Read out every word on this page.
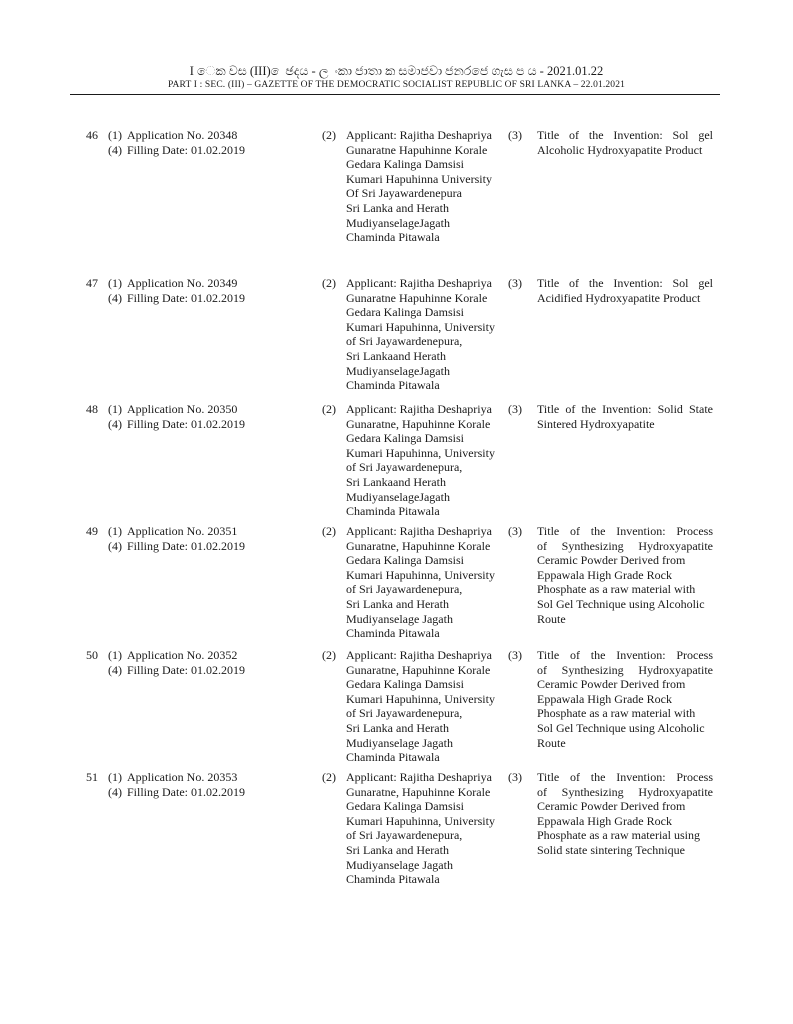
I ෙක වස (III) ෙඡදය - ල ංකා ජාතා ක සමාජවා ජනරජෙ ගැස ප ය - 2021.01.22
PART I : SEC. (III) – GAZETTE OF THE DEMOCRATIC SOCIALIST REPUBLIC OF SRI LANKA – 22.01.2021
46 (1) Application No. 20348
(4) Filling Date: 01.02.2019
(2) Applicant: Rajitha Deshapriya
Gunaratne Hapuhinne Korale
Gedara Kalinga Damsisi
Kumari Hapuhinna University
Of Sri Jayawardenepura
Sri Lanka and Herath
MudiyanselageJagath
Chaminda Pitawala
(3)	Title of the Invention: Sol gel
Alcoholic Hydroxyapatite Product
47 (1) Application No. 20349
(4) Filling Date: 01.02.2019
(2) Applicant: Rajitha Deshapriya
Gunaratne Hapuhinne Korale
Gedara Kalinga Damsisi
Kumari Hapuhinna, University
of Sri Jayawardenepura,
Sri Lankaand Herath
MudiyanselageJagath
Chaminda Pitawala
(3)	Title of the Invention: Sol gel
Acidified Hydroxyapatite Product
48 (1) Application No. 20350
(4) Filling Date: 01.02.2019
(2) Applicant: Rajitha Deshapriya
Gunaratne, Hapuhinne Korale
Gedara Kalinga Damsisi
Kumari Hapuhinna, University
of Sri Jayawardenepura,
Sri Lankaand Herath
MudiyanselageJagath
Chaminda Pitawala
(3)	Title of the Invention: Solid State
Sintered Hydroxyapatite
49 (1) Application No. 20351
(4) Filling Date: 01.02.2019
(2) Applicant: Rajitha Deshapriya
Gunaratne, Hapuhinne Korale
Gedara Kalinga Damsisi
Kumari Hapuhinna, University
of Sri Jayawardenepura,
Sri Lanka and Herath
Mudiyanselage Jagath
Chaminda Pitawala
(3)	Title of the Invention: Process
of Synthesizing Hydroxyapatite
Ceramic Powder Derived from
Eppawala High Grade Rock
Phosphate as a raw material with
Sol Gel Technique using Alcoholic
Route
50 (1) Application No. 20352
(4) Filling Date: 01.02.2019
(2) Applicant: Rajitha Deshapriya
Gunaratne, Hapuhinne Korale
Gedara Kalinga Damsisi
Kumari Hapuhinna, University
of Sri Jayawardenepura,
Sri Lanka and Herath
Mudiyanselage Jagath
Chaminda Pitawala
(3)	Title of the Invention: Process
of Synthesizing Hydroxyapatite
Ceramic Powder Derived from
Eppawala High Grade Rock
Phosphate as a raw material with
Sol Gel Technique using Alcoholic
Route
51 (1) Application No. 20353
(4) Filling Date: 01.02.2019
(2) Applicant: Rajitha Deshapriya
Gunaratne, Hapuhinne Korale
Gedara Kalinga Damsisi
Kumari Hapuhinna, University
of Sri Jayawardenepura,
Sri Lanka and Herath
Mudiyanselage Jagath
Chaminda Pitawala
(3)	Title of the Invention: Process
of Synthesizing Hydroxyapatite
Ceramic Powder Derived from
Eppawala High Grade Rock
Phosphate as a raw material using
Solid state sintering Technique
